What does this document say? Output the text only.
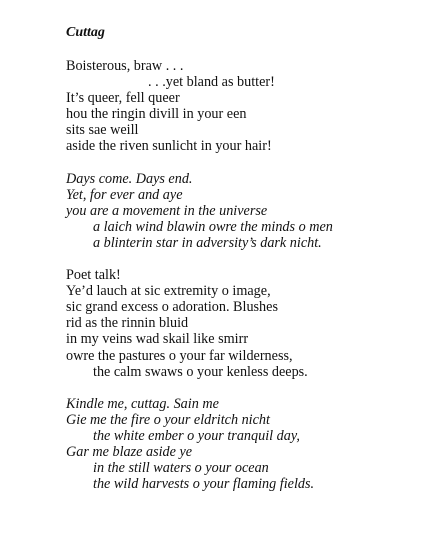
Cuttag
Boisterous, braw . . .
. . .yet bland as butter!
It’s queer, fell queer
hou the ringin divill in your een
sits sae weill
aside the riven sunlicht in your hair!
Days come. Days end.
Yet, for ever and aye
you are a movement in the universe
a laich wind blawin owre the minds o men
a blinterin star in adversity’s dark nicht.
Poet talk!
Ye’d lauch at sic extremity o image,
sic grand excess o adoration. Blushes
rid as the rinnin bluid
in my veins wad skail like smirr
owre the pastures o your far wilderness,
the calm swaws o your kenless deeps.
Kindle me, cuttag. Sain me
Gie me the fire o your eldritch nicht
the white ember o your tranquil day,
Gar me blaze aside ye
in the still waters o your ocean
the wild harvests o your flaming fields.
